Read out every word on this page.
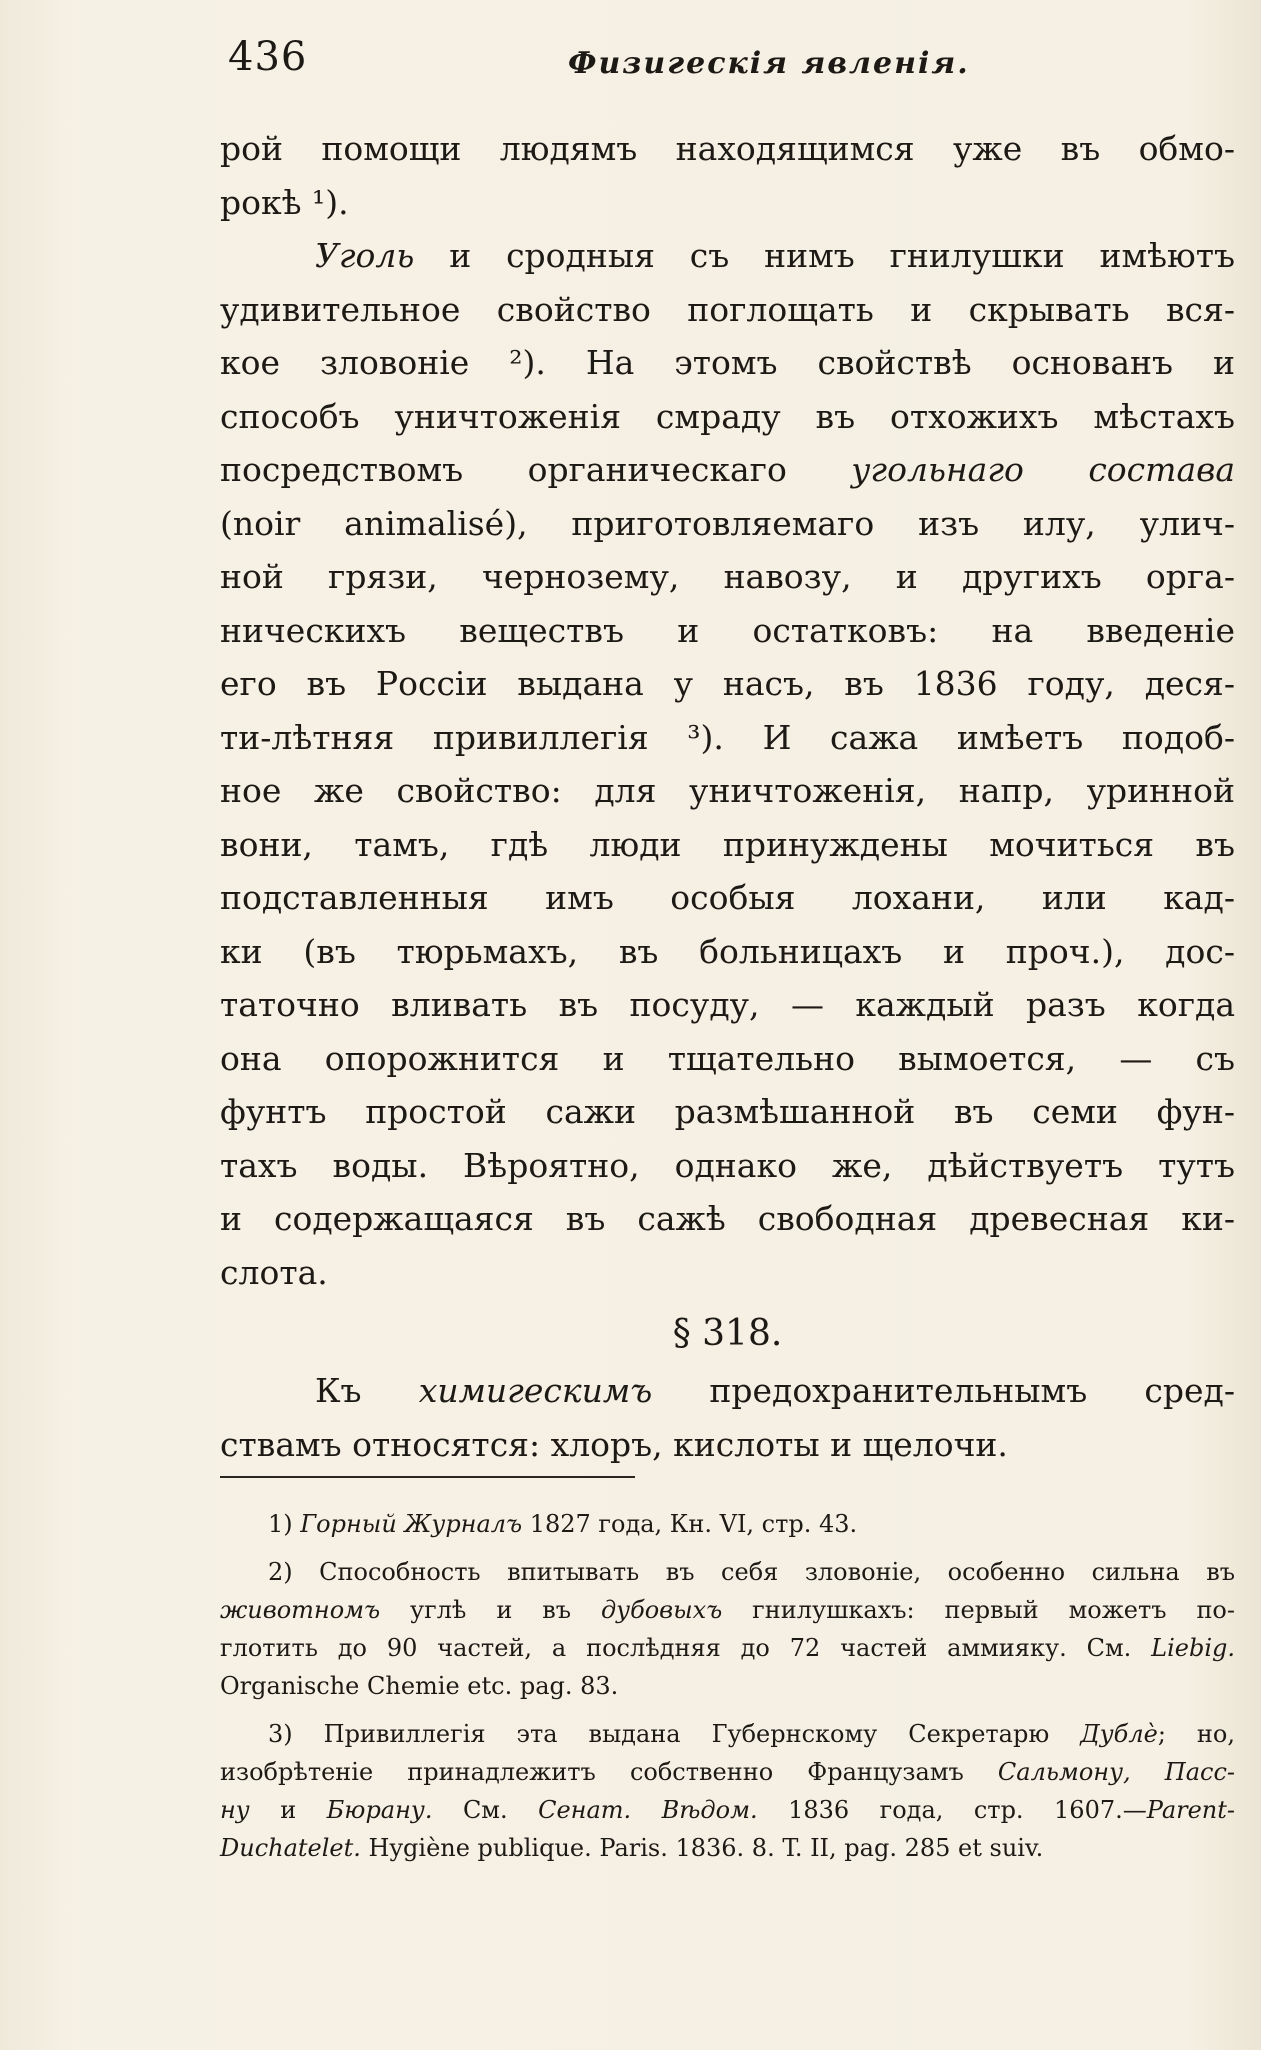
436	Физигескія явленія.
рой помощи людямъ находящимся уже въ обмо-
рокѣ ¹).
Уголь и сродныя съ нимъ гнилушки имѣютъ
удивительное свойство поглощать и скрывать вся-
кое зловоніе ²). На этомъ свойствѣ основанъ и
способъ уничтоженія смраду въ отхожихъ мѣстахъ
посредствомъ органическаго угольнаго состава
(noir animalisé), приготовляемаго изъ илу, улич-
ной грязи, чернозему, навозу, и другихъ орга-
ническихъ веществъ и остатковъ: на введеніе
его въ Россіи выдана у насъ, въ 1836 году, деся-
ти-лѣтняя привиллегія ³). И сажа имѣетъ подоб-
ное же свойство: для уничтоженія, напр, уринной
вони, тамъ, гдѣ люди принуждены мочиться въ
подставленныя имъ особыя лохани, или кад-
ки (въ тюрьмахъ, въ больницахъ и проч.), дос-
таточно вливать въ посуду, — каждый разъ когда
она опорожнится и тщательно вымоется, — съ
фунтъ простой сажи размѣшанной въ семи фун-
тахъ воды. Вѣроятно, однако же, дѣйствуетъ тутъ
и содержащаяся въ сажѣ свободная древесная ки-
слота.
§ 318.
Къ химигескимъ предохранительнымъ сред-
ствамъ относятся: хлоръ, кислоты и щелочи.
1) Горный Журналъ 1827 года, Кн. VI, стр. 43.
2) Способность впитывать въ себя зловоніе, особенно сильна въ
животномъ углѣ и въ дубовыхъ гнилушкахъ: первый можетъ по-
глотить до 90 частей, а послѣдняя до 72 частей аммияку. См. Liebig.
Organische Chemie etc. pag. 83.
3) Привиллегія эта выдана Губернскому Секретарю Дублè; но,
изобрѣтеніе принадлежитъ собственно Французамъ Сальмону, Пасс-
ну и Бюрану. См. Сенат. Вѣдом. 1836 года, стр. 1607.—Parent-
Duchatelet. Hygiène publique. Paris. 1836. 8. T. II, pag. 285 et suiv.
